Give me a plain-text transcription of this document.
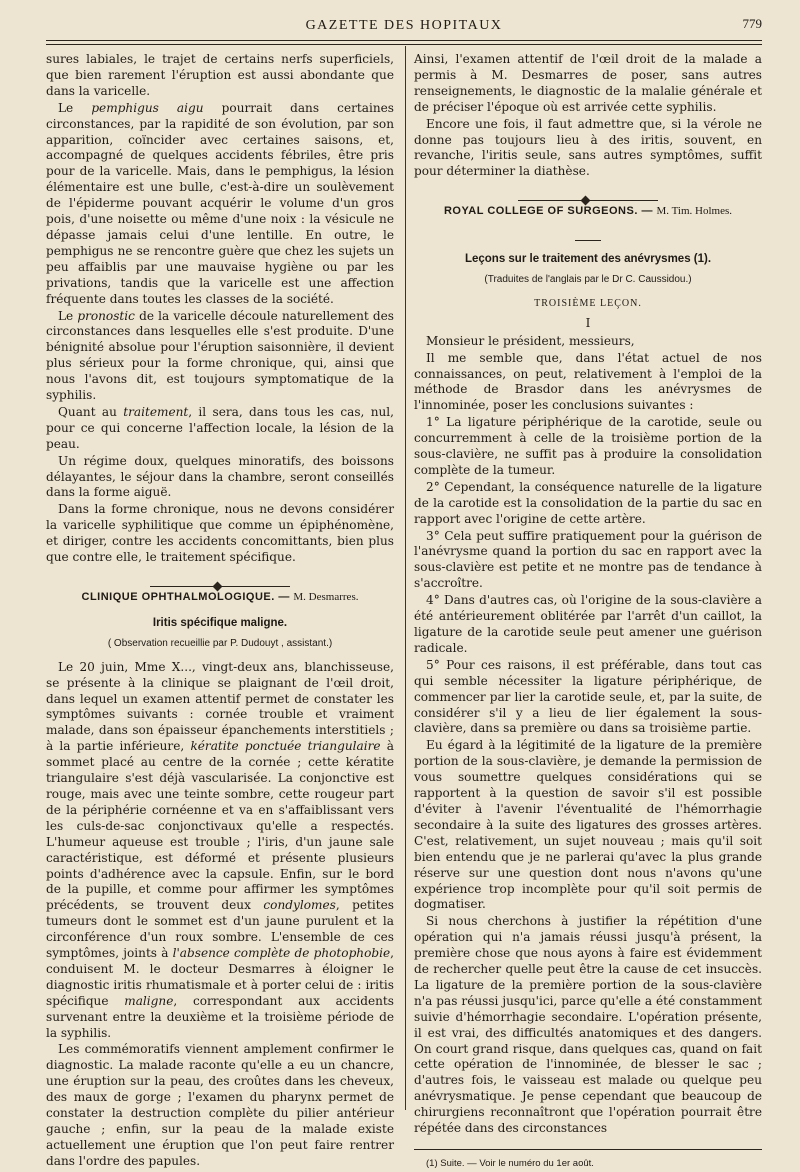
GAZETTE DES HOPITAUX	779

sures labiales, le trajet de certains nerfs superficiels, que bien rarement l'éruption est aussi abondante que dans la varicelle.

Le pemphigus aigu pourrait dans certaines circonstances, par la rapidité de son évolution, par son apparition, coïncider avec certaines saisons, et, accompagné de quelques accidents fébriles, être pris pour de la varicelle. Mais, dans le pemphigus, la lésion élémentaire est une bulle, c'est-à-dire un soulèvement de l'épiderme pouvant acquérir le volume d'un gros pois, d'une noisette ou même d'une noix : la vésicule ne dépasse jamais celui d'une lentille. En outre, le pemphigus ne se rencontre guère que chez les sujets un peu affaiblis par une mauvaise hygiène ou par les privations, tandis que la varicelle est une affection fréquente dans toutes les classes de la société.

Le pronostic de la varicelle découle naturellement des circonstances dans lesquelles elle s'est produite. D'une bénignité absolue pour l'éruption saisonnière, il devient plus sérieux pour la forme chronique, qui, ainsi que nous l'avons dit, est toujours symptomatique de la syphilis.

Quant au traitement, il sera, dans tous les cas, nul, pour ce qui concerne l'affection locale, la lésion de la peau.

Un régime doux, quelques minoratifs, des boissons délayantes, le séjour dans la chambre, seront conseillés dans la forme aiguë.

Dans la forme chronique, nous ne devons considérer la varicelle syphilitique que comme un épiphénomène, et diriger, contre les accidents concomittants, bien plus que contre elle, le traitement spécifique.

CLINIQUE OPHTHALMOLOGIQUE. — M. Desmarres.
Iritis spécifique maligne.
( Observation recueillie par P. Dudouyt , assistant.)

Le 20 juin, Mme X..., vingt-deux ans, blanchisseuse, se présente à la clinique se plaignant de l'œil droit, dans lequel un examen attentif permet de constater les symptômes suivants : cornée trouble et vraiment malade, dans son épaisseur épanchements interstitiels ; à la partie inférieure, kératite ponctuée triangulaire à sommet placé au centre de la cornée ; cette kératite triangulaire s'est déjà vascularisée. La conjonctive est rouge, mais avec une teinte sombre, cette rougeur part de la périphérie cornéenne et va en s'affaiblissant vers les culs-de-sac conjonctivaux qu'elle a respectés. L'humeur aqueuse est trouble ; l'iris, d'un jaune sale caractéristique, est déformé et présente plusieurs points d'adhérence avec la capsule. Enfin, sur le bord de la pupille, et comme pour affirmer les symptômes précédents, se trouvent deux condylomes, petites tumeurs dont le sommet est d'un jaune purulent et la circonférence d'un roux sombre. L'ensemble de ces symptômes, joints à l'absence complète de photophobie, conduisent M. le docteur Desmarres à éloigner le diagnostic iritis rhumatismale et à porter celui de : iritis spécifique maligne, correspondant aux accidents survenant entre la deuxième et la troisième période de la syphilis.

Les commémoratifs viennent amplement confirmer le diagnostic. La malade raconte qu'elle a eu un chancre, une éruption sur la peau, des croûtes dans les cheveux, des maux de gorge ; l'examen du pharynx permet de constater la destruction complète du pilier antérieur gauche ; enfin, sur la peau de la malade existe actuellement une éruption que l'on peut faire rentrer dans l'ordre des papules.

Ainsi, l'examen attentif de l'œil droit de la malade a permis à M. Desmarres de poser, sans autres renseignements, le diagnostic de la malalie générale et de préciser l'époque où est arrivée cette syphilis.

Encore une fois, il faut admettre que, si la vérole ne donne pas toujours lieu à des iritis, souvent, en revanche, l'iritis seule, sans autres symptômes, suffit pour déterminer la diathèse.

ROYAL COLLEGE OF SURGEONS. — M. Tim. Holmes.
Leçons sur le traitement des anévrysmes (1).
(Traduites de l'anglais par le Dr C. Caussidou.)
TROISIÈME LEÇON.
I

Monsieur le président, messieurs,

Il me semble que, dans l'état actuel de nos connaissances, on peut, relativement à l'emploi de la méthode de Brasdor dans les anévrysmes de l'innominée, poser les conclusions suivantes :

1° La ligature périphérique de la carotide, seule ou concurremment à celle de la troisième portion de la sous-clavière, ne suffit pas à produire la consolidation complète de la tumeur.

2° Cependant, la conséquence naturelle de la ligature de la carotide est la consolidation de la partie du sac en rapport avec l'origine de cette artère.

3° Cela peut suffire pratiquement pour la guérison de l'anévrysme quand la portion du sac en rapport avec la sous-clavière est petite et ne montre pas de tendance à s'accroître.

4° Dans d'autres cas, où l'origine de la sous-clavière a été antérieurement oblitérée par l'arrêt d'un caillot, la ligature de la carotide seule peut amener une guérison radicale.

5° Pour ces raisons, il est préférable, dans tout cas qui semble nécessiter la ligature périphérique, de commencer par lier la carotide seule, et, par la suite, de considérer s'il y a lieu de lier également la sous-clavière, dans sa première ou dans sa troisième partie.

Eu égard à la légitimité de la ligature de la première portion de la sous-clavière, je demande la permission de vous soumettre quelques considérations qui se rapportent à la question de savoir s'il est possible d'éviter à l'avenir l'éventualité de l'hémorrhagie secondaire à la suite des ligatures des grosses artères. C'est, relativement, un sujet nouveau ; mais qu'il soit bien entendu que je ne parlerai qu'avec la plus grande réserve sur une question dont nous n'avons qu'une expérience trop incomplète pour qu'il soit permis de dogmatiser.

Si nous cherchons à justifier la répétition d'une opération qui n'a jamais réussi jusqu'à présent, la première chose que nous ayons à faire est évidemment de rechercher quelle peut être la cause de cet insuccès. La ligature de la première portion de la sous-clavière n'a pas réussi jusqu'ici, parce qu'elle a été constamment suivie d'hémorrhagie secondaire. L'opération présente, il est vrai, des difficultés anatomiques et des dangers. On court grand risque, dans quelques cas, quand on fait cette opération de l'innominée, de blesser le sac ; d'autres fois, le vaisseau est malade ou quelque peu anévrysmatique. Je pense cependant que beaucoup de chirurgiens reconnaîtront que l'opération pourrait être répétée dans des circonstances

(1) Suite. — Voir le numéro du 1er août.
